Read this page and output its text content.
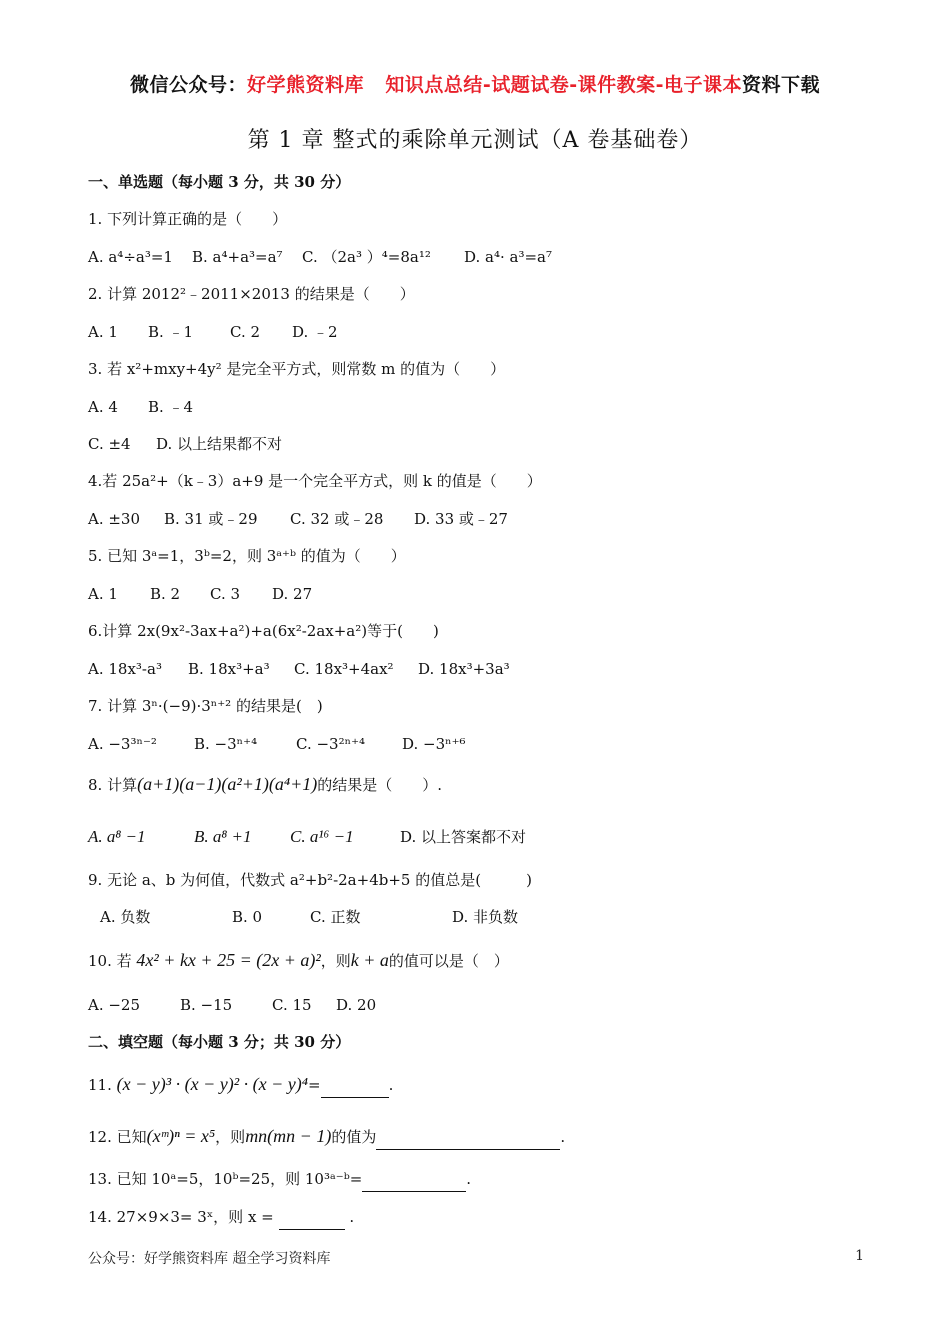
微信公众号：好学熊资料库 知识点总结-试题试卷-课件教案-电子课本资料下载
第 1 章 整式的乘除单元测试（A 卷基础卷）
一、单选题（每小题 3 分，共 30 分）
1. 下列计算正确的是（　　）
A. a⁴÷a³=1 B. a⁴+a³=a⁷ C. （2a³ ）⁴=8a¹² D. a⁴· a³=a⁷
2. 计算 2012²﹣2011×2013 的结果是（　　）
A. 1 B. ﹣1 C. 2 D. ﹣2
3. 若 x²+mxy+4y² 是完全平方式，则常数 m 的值为（　　）
A. 4 B. ﹣4
C. ±4 D. 以上结果都不对
4.若 25a²+（k﹣3）a+9 是一个完全平方式，则 k 的值是（　　）
A. ±30 B. 31 或﹣29 C. 32 或﹣28 D. 33 或﹣27
5. 已知 3ᵃ=1，3ᵇ=2，则 3ᵃ⁺ᵇ 的值为（　　）
A. 1 B. 2 C. 3 D. 27
6.计算 2x(9x²-3ax+a²)+a(6x²-2ax+a²)等于(　　)
A. 18x³-a³ B. 18x³+a³ C. 18x³+4ax² D. 18x³+3a³
7. 计算 3ⁿ·(−9)·3ⁿ⁺² 的结果是(　)
A. −3³ⁿ⁻² B. −3ⁿ⁺⁴	C. −3²ⁿ⁺⁴ D. −3ⁿ⁺⁶
8. 计算(a+1)(a−1)(a²+1)(a⁴+1)的结果是（　　）.
A. a⁸ −1	B. a⁸ +1 C. a¹⁶ −1	D. 以上答案都不对
9. 无论 a、b 为何值，代数式 a²+b²-2a+4b+5 的值总是(　　　)
A. 负数	B. 0	C. 正数	D. 非负数
10. 若 4x² + kx + 25 = (2x + a)²，则k + a的值可以是（　）
A. −25	B. −15	C. 15 D. 20
二、填空题（每小题 3 分；共 30 分）
11. (x − y)³ · (x − y)² · (x − y)⁴=	.
12. 已知(xᵐ)ⁿ = x⁵，则mn(mn − 1)的值为	.
13. 已知 10ᵃ=5，10ᵇ=25，则 10³ᵃ⁻ᵇ=	.
14. 27×9×3= 3ˣ，则 x =	.
公众号：好学熊资料库 超全学习资料库	1
